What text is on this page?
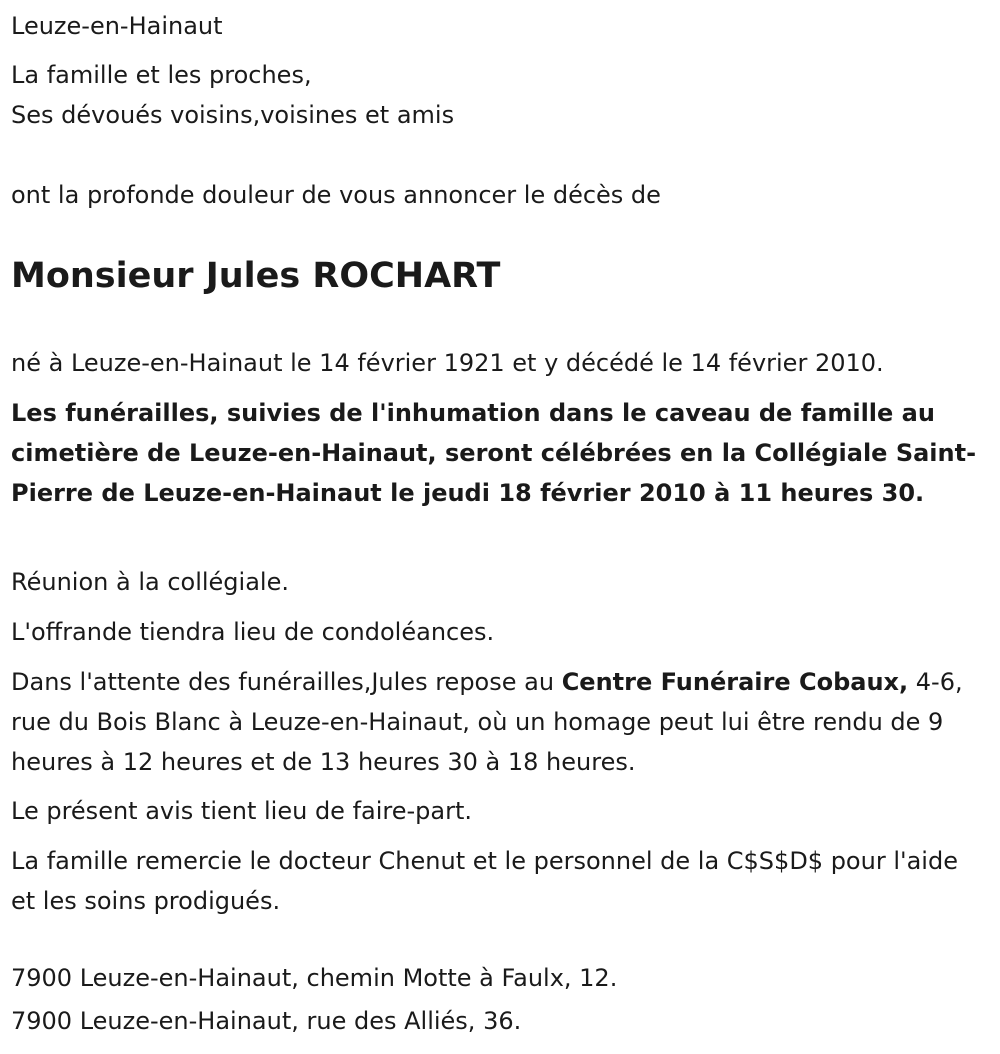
Leuze-en-Hainaut
La famille et les proches,
Ses dévoués voisins,voisines et amis
ont la profonde douleur de vous annoncer le décès de
Monsieur Jules ROCHART
né à Leuze-en-Hainaut le 14 février 1921 et y décédé le 14 février 2010.
Les funérailles, suivies de l'inhumation dans le caveau de famille au cimetière de Leuze-en-Hainaut, seront célébrées en la Collégiale Saint-Pierre de Leuze-en-Hainaut le jeudi 18 février 2010 à 11 heures 30.
Réunion à la collégiale.
L'offrande tiendra lieu de condoléances.
Dans l'attente des funérailles,Jules repose au Centre Funéraire Cobaux, 4-6, rue du Bois Blanc à Leuze-en-Hainaut, où un homage peut lui être rendu de 9 heures à 12 heures et de 13 heures 30 à 18 heures.
Le présent avis tient lieu de faire-part.
La famille remercie le docteur Chenut et le personnel de la C$S$D$ pour l'aide et les soins prodigués.
7900 Leuze-en-Hainaut, chemin Motte à Faulx, 12.
7900 Leuze-en-Hainaut, rue des Alliés, 36.
